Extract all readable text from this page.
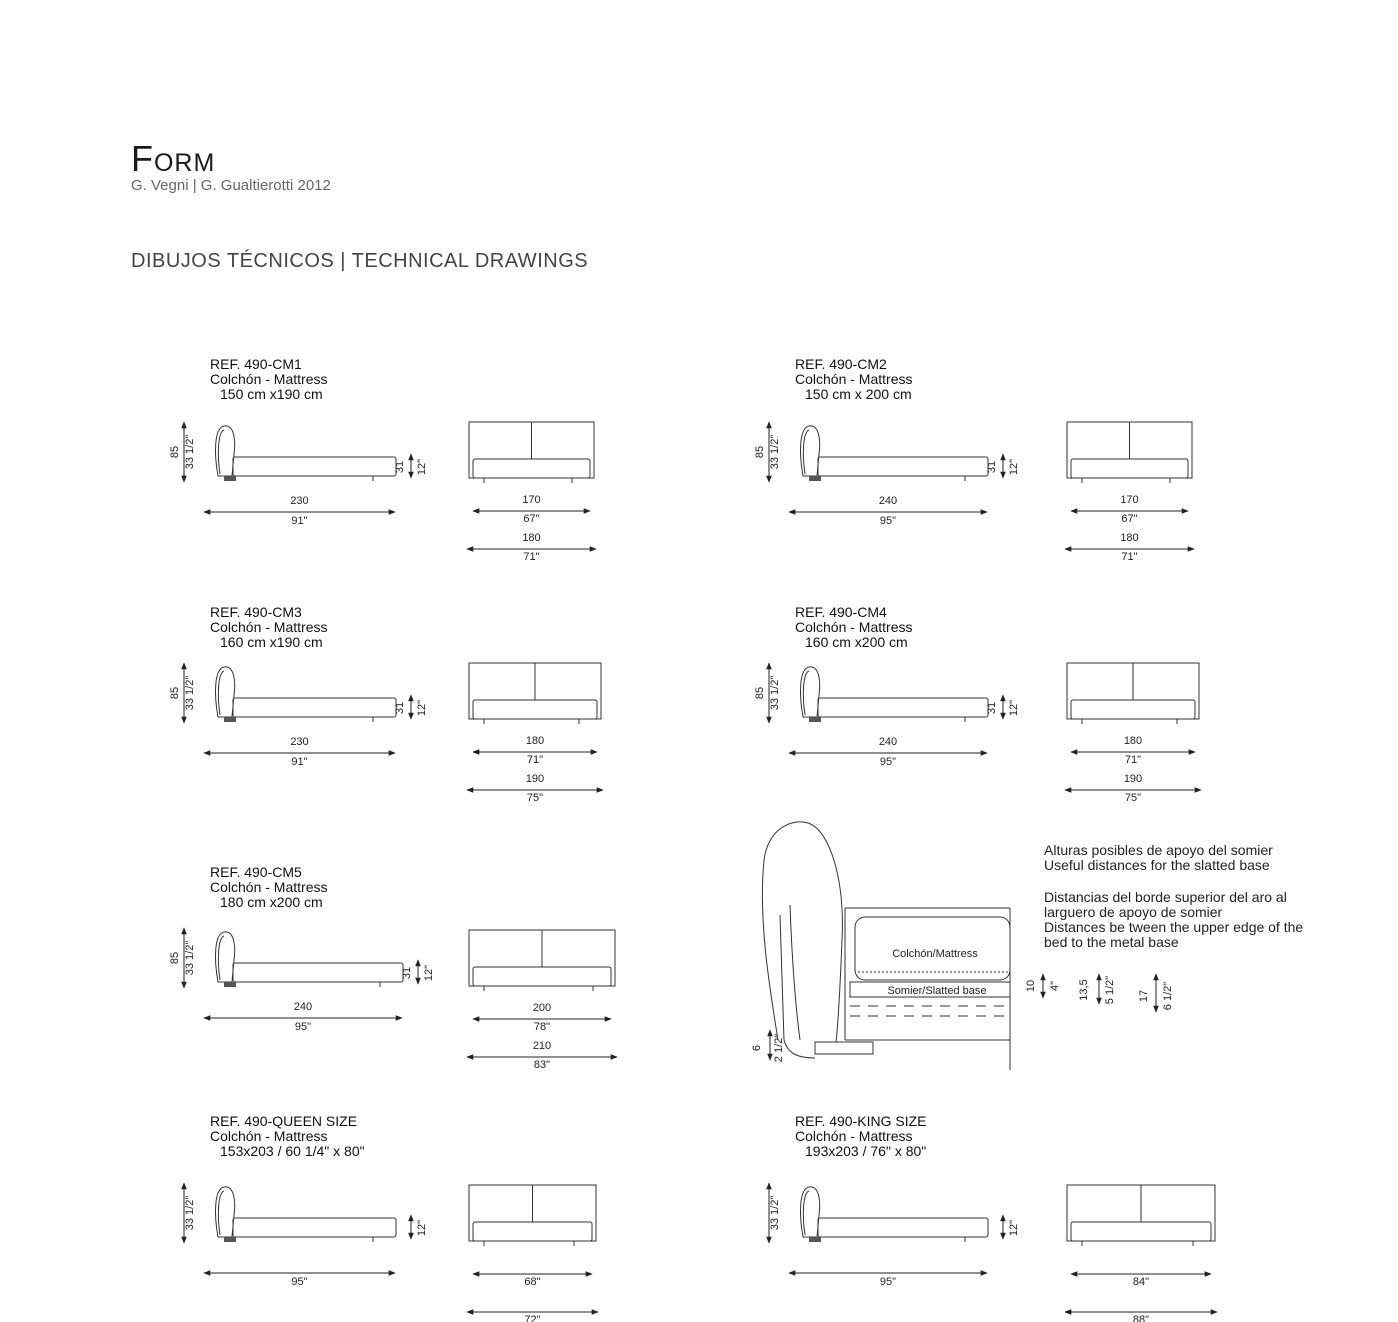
Form
G. Vegni | G. Gualtierotti 2012
DIBUJOS TÉCNICOS | TECHNICAL DRAWINGS
REF. 490-CM1
Colchón - Mattress
150 cm x190 cm
REF. 490-CM2
Colchón - Mattress
150 cm x 200 cm
REF. 490-CM3
Colchón - Mattress
160 cm x190 cm
REF. 490-CM4
Colchón - Mattress
160 cm x200 cm
REF. 490-CM5
Colchón - Mattress
180 cm x200 cm
REF. 490-QUEEN SIZE
Colchón - Mattress
153x203 / 60 1/4" x 80"
REF. 490-KING SIZE
Colchón - Mattress
193x203 / 76" x 80"
Alturas posibles de apoyo del somier
Useful distances for the slatted base
Distancias del borde superior del aro al
larguero de apoyo de somier
Distances be tween the upper edge of the
bed to the metal base
85 33 1/2"	31 12"
230
91"
170
67"
180
71"
85 33 1/2"	31 12"
240
95"
170
67"
180
71"
85 33 1/2"	31 12"
230
91"
180
71"
190
75"
85 33 1/2"	31 12"
240
95"
180
71"
190
75"
85 33 1/2"	31 12"
240
95"
200
78"
210
83"
33 1/2"	12"
95"	68"
72"
33 1/2"	12"
95"	84"
88"
Colchón/Mattress
Somier/Slatted base
6 2 1/2"
10 4" 13,5 5 1/2" 17 6 1/2"
